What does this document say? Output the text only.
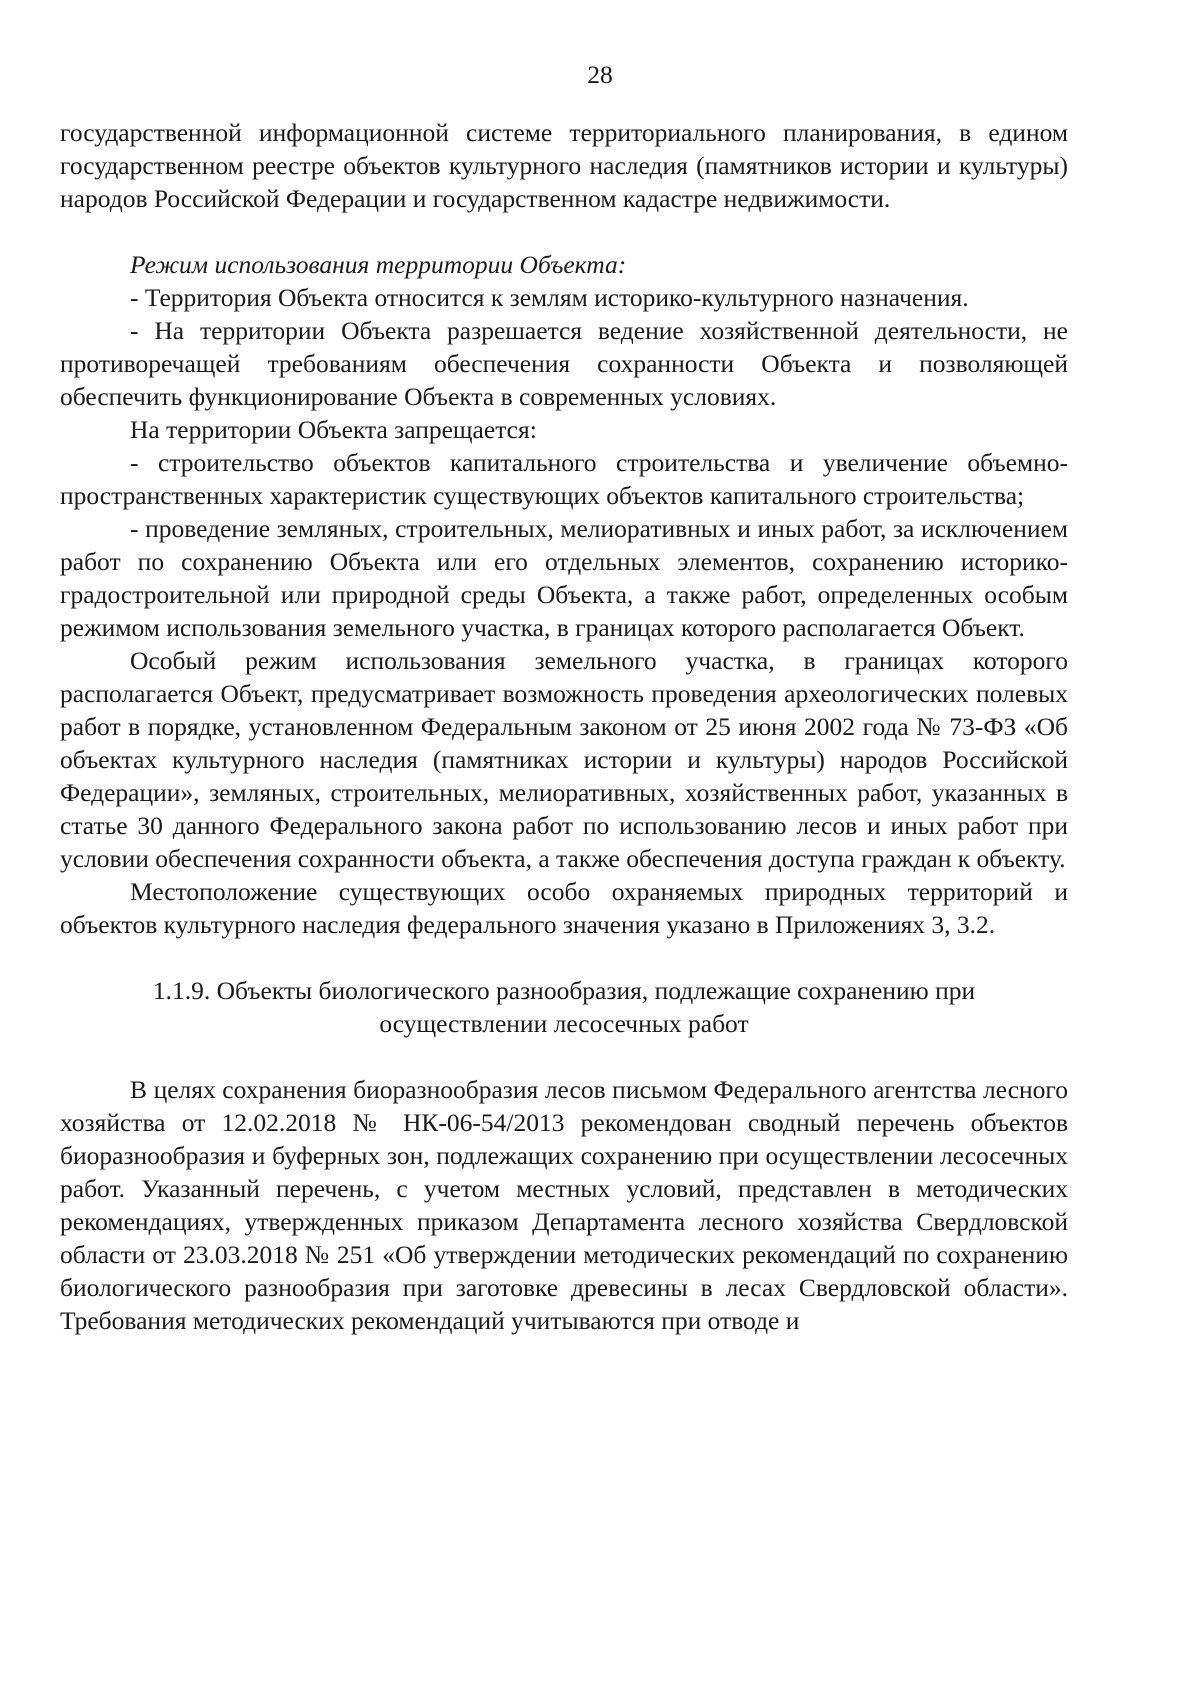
28

государственной информационной системе территориального планирования, в едином государственном реестре объектов культурного наследия (памятников истории и культуры) народов Российской Федерации и государственном кадастре недвижимости.

Режим использования территории Объекта:

- Территория Объекта относится к землям историко-культурного назначения.

- На территории Объекта разрешается ведение хозяйственной деятельности, не противоречащей требованиям обеспечения сохранности Объекта и позволяющей обеспечить функционирование Объекта в современных условиях.

На территории Объекта запрещается:

- строительство объектов капитального строительства и увеличение объемно-пространственных характеристик существующих объектов капитального строительства;

- проведение земляных, строительных, мелиоративных и иных работ, за исключением работ по сохранению Объекта или его отдельных элементов, сохранению историко-градостроительной или природной среды Объекта, а также работ, определенных особым режимом использования земельного участка, в границах которого располагается Объект.

Особый режим использования земельного участка, в границах которого располагается Объект, предусматривает возможность проведения археологических полевых работ в порядке, установленном Федеральным законом от 25 июня 2002 года № 73-ФЗ «Об объектах культурного наследия (памятниках истории и культуры) народов Российской Федерации», земляных, строительных, мелиоративных, хозяйственных работ, указанных в статье 30 данного Федерального закона работ по использованию лесов и иных работ при условии обеспечения сохранности объекта, а также обеспечения доступа граждан к объекту.

Местоположение существующих особо охраняемых природных территорий и объектов культурного наследия федерального значения указано в Приложениях 3, 3.2.

1.1.9. Объекты биологического разнообразия, подлежащие сохранению при
осуществлении лесосечных работ

В целях сохранения биоразнообразия лесов письмом Федерального агентства лесного хозяйства от 12.02.2018 № НК-06-54/2013 рекомендован сводный перечень объектов биоразнообразия и буферных зон, подлежащих сохранению при осуществлении лесосечных работ. Указанный перечень, с учетом местных условий, представлен в методических рекомендациях, утвержденных приказом Департамента лесного хозяйства Свердловской области от 23.03.2018 № 251 «Об утверждении методических рекомендаций по сохранению биологического разнообразия при заготовке древесины в лесах Свердловской области». Требования методических рекомендаций учитываются при отводе и
